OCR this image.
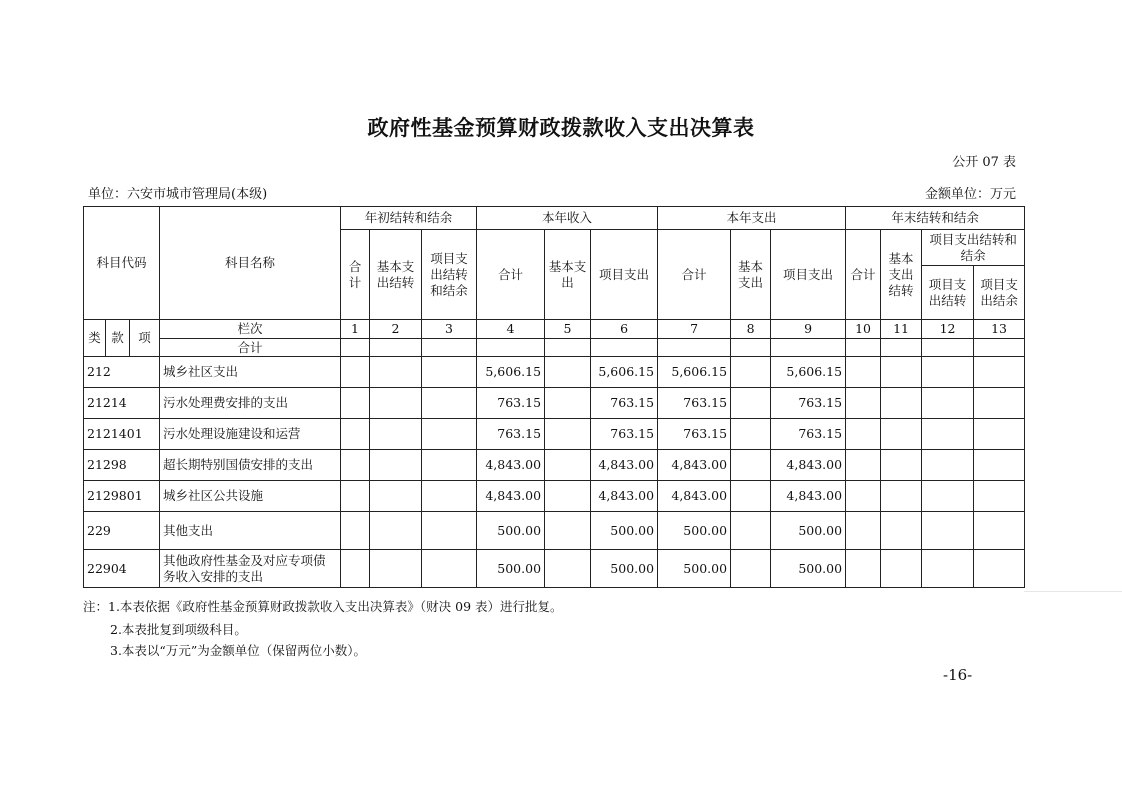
政府性基金预算财政拨款收入支出决算表
公开 07 表
单位：六安市城市管理局(本级)	金额单位：万元
科目代码			科目名称	年初结转和结余			本年收入			本年支出			年末结转和结余			
				合计	基本支出结转	项目支出结转和结余	合计	基本支出	项目支出	合计	基本支出	项目支出	合计	基本支出结转	项目支出结转和结余	
															项目支出结转	项目支出结余
类	款	项	栏次	1	2	3	4	5	6	7	8	9	10	11	12	13
			合计													
212			城乡社区支出				5,606.15		5,606.15	5,606.15		5,606.15				
21214			污水处理费安排的支出				763.15		763.15	763.15		763.15				
2121401			污水处理设施建设和运营				763.15		763.15	763.15		763.15				
21298			超长期特别国债安排的支出				4,843.00		4,843.00	4,843.00		4,843.00				
2129801			城乡社区公共设施				4,843.00		4,843.00	4,843.00		4,843.00				
229			其他支出				500.00		500.00	500.00		500.00				
22904			其他政府性基金及对应专项债务收入安排的支出				500.00		500.00	500.00		500.00				
注：1.本表依据《政府性基金预算财政拨款收入支出决算表》（财决 09 表）进行批复。
2.本表批复到项级科目。
3.本表以“万元”为金额单位（保留两位小数）。
-16-
